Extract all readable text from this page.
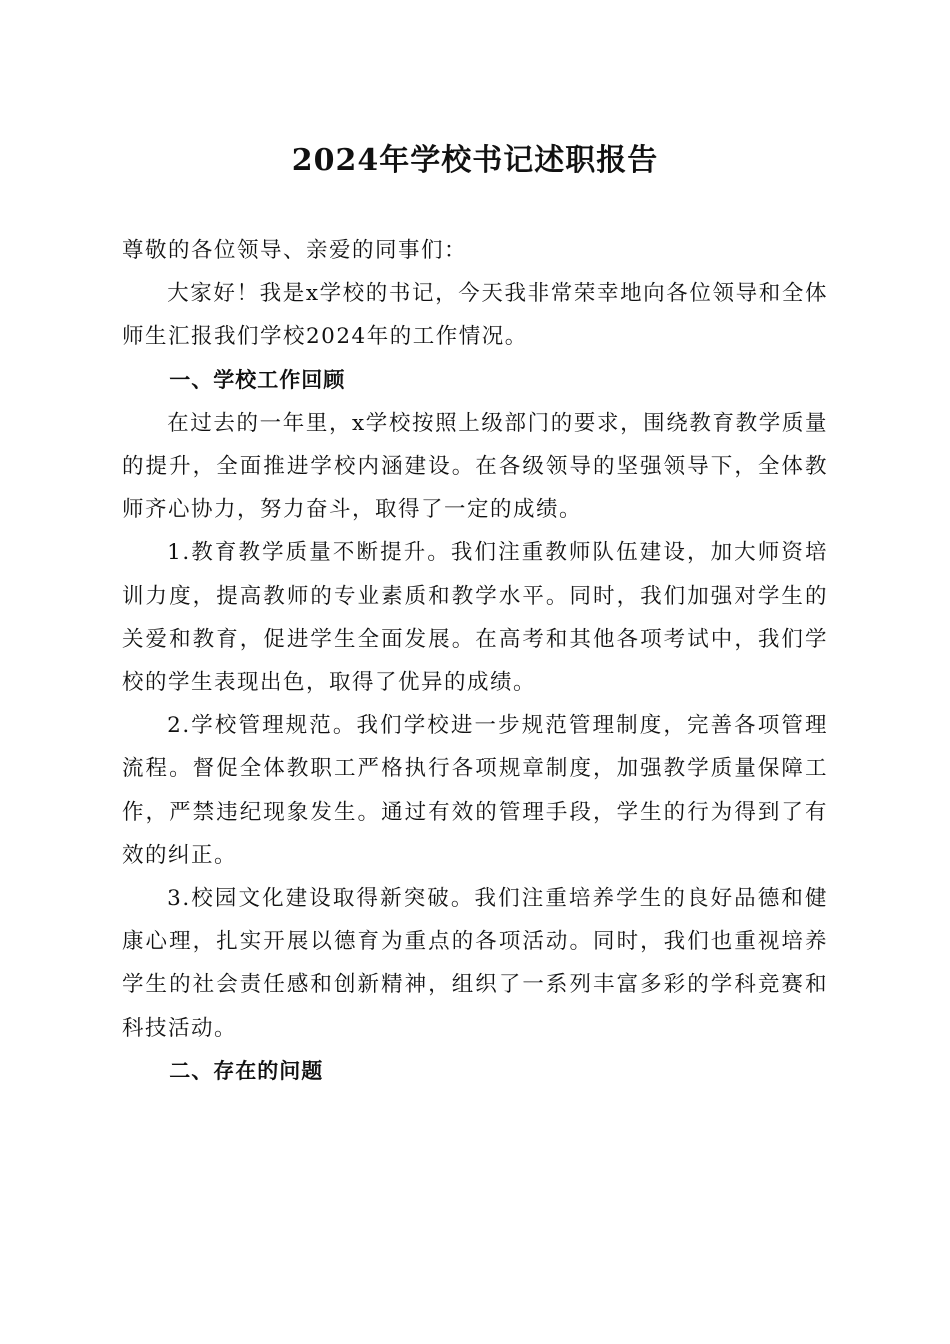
2024年学校书记述职报告

尊敬的各位领导、亲爱的同事们：

大家好！我是x学校的书记，今天我非常荣幸地向各位领导和全体师生汇报我们学校2024年的工作情况。

一、学校工作回顾

在过去的一年里，x学校按照上级部门的要求，围绕教育教学质量的提升，全面推进学校内涵建设。在各级领导的坚强领导下，全体教师齐心协力，努力奋斗，取得了一定的成绩。

1.教育教学质量不断提升。我们注重教师队伍建设，加大师资培训力度，提高教师的专业素质和教学水平。同时，我们加强对学生的关爱和教育，促进学生全面发展。在高考和其他各项考试中，我们学校的学生表现出色，取得了优异的成绩。

2.学校管理规范。我们学校进一步规范管理制度，完善各项管理流程。督促全体教职工严格执行各项规章制度，加强教学质量保障工作，严禁违纪现象发生。通过有效的管理手段，学生的行为得到了有效的纠正。

3.校园文化建设取得新突破。我们注重培养学生的良好品德和健康心理，扎实开展以德育为重点的各项活动。同时，我们也重视培养学生的社会责任感和创新精神，组织了一系列丰富多彩的学科竞赛和科技活动。

二、存在的问题
